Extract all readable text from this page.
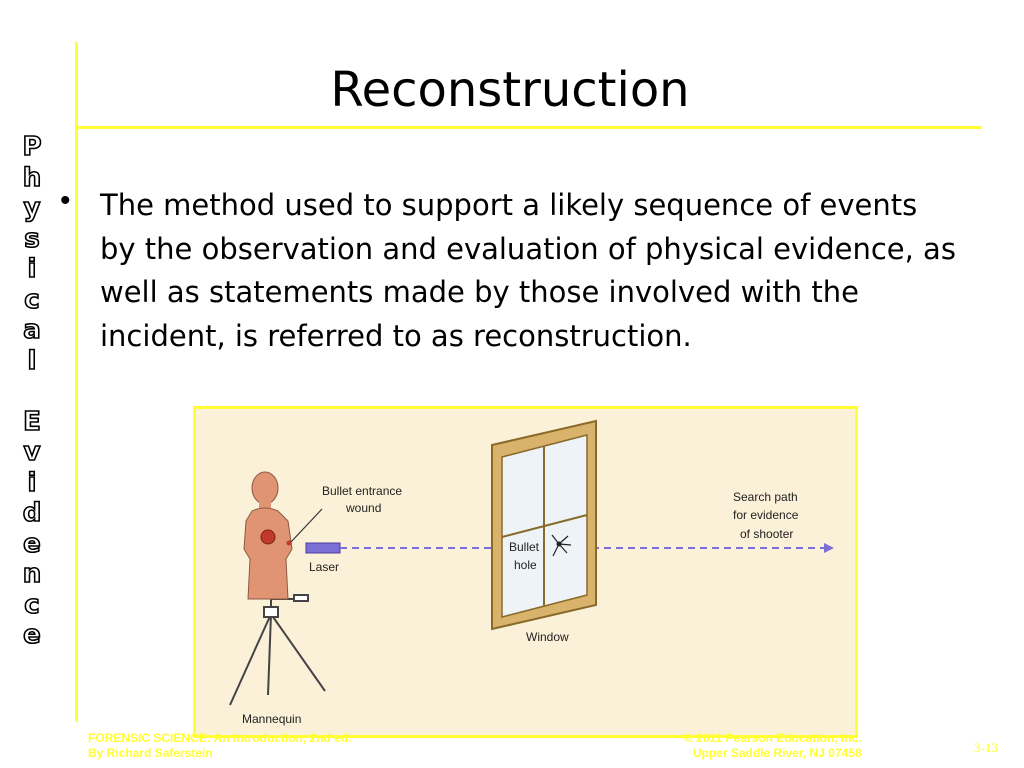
Reconstruction
P
h
y
s
i
c
a
l

E
v
i
d
e
n
c
e
• The method used to support a likely sequence of events by the observation and evaluation of physical evidence, as well as statements made by those involved with the incident, is referred to as reconstruction.
Bullet entrance
wound
Laser
Bullet
hole
Window
Search path
for evidence
of shooter
Mannequin
FORENSIC SCIENCE: An Introduction, 2nd ed.
By Richard Saferstein
© 2011 Pearson Education, Inc.
Upper Saddle River, NJ 07458	3-13
